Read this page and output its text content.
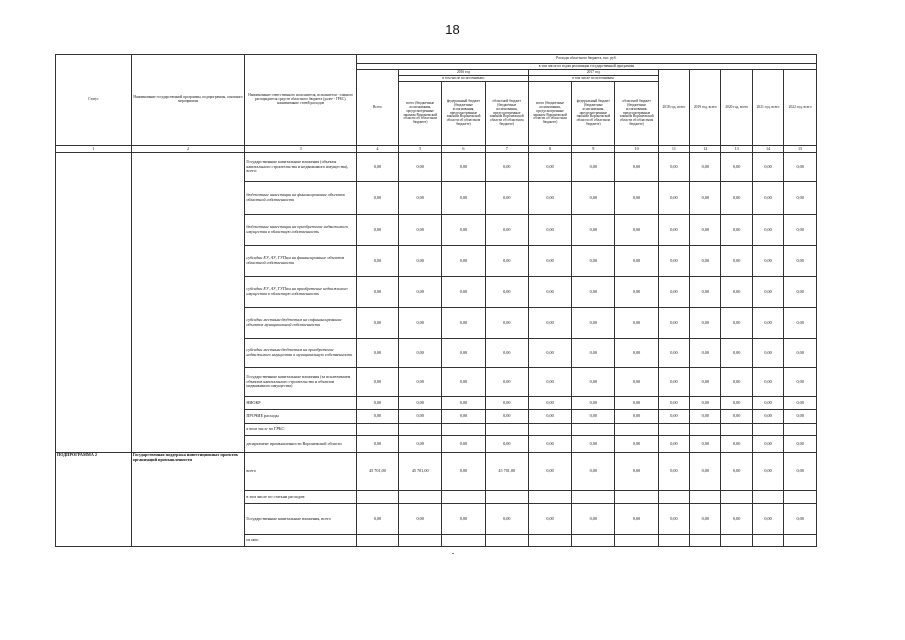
18
Статус	Наименование государственной программы, подпрограммы, основного мероприятия	Наименование ответственного исполнителя, исполнителя - главного распорядителя средств областного бюджета (далее - ГРБС), наименование статей расходов	Расходы областного бюджета, тыс. руб.											

			в том числе по годам реализации государственной программы											
			Всего	2016 год			2017 год			2018 год, всего	2019 год, всего	2020 год, всего	2021 год, всего	2022 год, всего
				в том числе по источникам:			в том числе по источникам:							
				всего (бюджетные ассигнования, предусмотренные законом Воронежской области об областном бюджете)	федеральный бюджет (бюджетные ассигнования, предусмотренные законом Воронежской области об областном бюджете)	областной бюджет (бюджетные ассигнования, предусмотренные законом Воронежской области об областном бюджете)	всего (бюджетные ассигнования, предусмотренные законом Воронежской области об областном бюджете)	федеральный бюджет (бюджетные ассигнования, предусмотренные законом Воронежской области об областном бюджете)	областной бюджет (бюджетные ассигнования, предусмотренные законом Воронежской области об областном бюджете)					
1	2	3	4	5	6	7	8	9	10	11	12	13	14	15
		Государственные капитальные вложения (объекты капитального строительства и недвижимого имущества), всего:	0,00	0,00	0,00	0,00	0,00	0,00	0,00	0,00	0,00	0,00	0,00	0,00
		бюджетные инвестиции на финансирование объектов областной собственности	0,00	0,00	0,00	0,00	0,00	0,00	0,00	0,00	0,00	0,00	0,00	0,00
		бюджетные инвестиции на приобретение недвижимого имущества в областную собственность	0,00	0,00	0,00	0,00	0,00	0,00	0,00	0,00	0,00	0,00	0,00	0,00
		субсидии ЕУ, АУ, ГУПам на финансирование объектов областной собственности	0,00	0,00	0,00	0,00	0,00	0,00	0,00	0,00	0,00	0,00	0,00	0,00
		субсидии ЕУ, АУ, ГУПам на приобретение недвижимого имущества в областную собственность	0,00	0,00	0,00	0,00	0,00	0,00	0,00	0,00	0,00	0,00	0,00	0,00
		субсидии местным бюджетам на софинансирование объектов муниципальной собственности	0,00	0,00	0,00	0,00	0,00	0,00	0,00	0,00	0,00	0,00	0,00	0,00
		субсидии местным бюджетам на приобретение недвижимого имущества в муниципальную собственность	0,00	0,00	0,00	0,00	0,00	0,00	0,00	0,00	0,00	0,00	0,00	0,00
		Государственные капитальные вложения (за исключением объектов капитального строительства и объектов недвижимого имущества)	0,00	0,00	0,00	0,00	0,00	0,00	0,00	0,00	0,00	0,00	0,00	0,00
		НИОКР	0,00	0,00	0,00	0,00	0,00	0,00	0,00	0,00	0,00	0,00	0,00	0,00
		ПРОЧИЕ расходы	0,00	0,00	0,00	0,00	0,00	0,00	0,00	0,00	0,00	0,00	0,00	0,00
		в том числе по ГРБС:												
		департамент промышленности Воронежской области	0,00	0,00	0,00	0,00	0,00	0,00	0,00	0,00	0,00	0,00	0,00	0,00
ПОДПРОГРАММА 2	Государственная поддержка инвестиционных проектов организаций промышленности	всего	45 701,00	45 701,00	0,00	45 701,00	0,00	0,00	0,00	0,00	0,00	0,00	0,00	0,00
		в том числе по статьям расходов:												
		Государственные капитальные вложения, всего	0,00	0,00	0,00	0,00	0,00	0,00	0,00	0,00	0,00	0,00	0,00	0,00
		из них:												
